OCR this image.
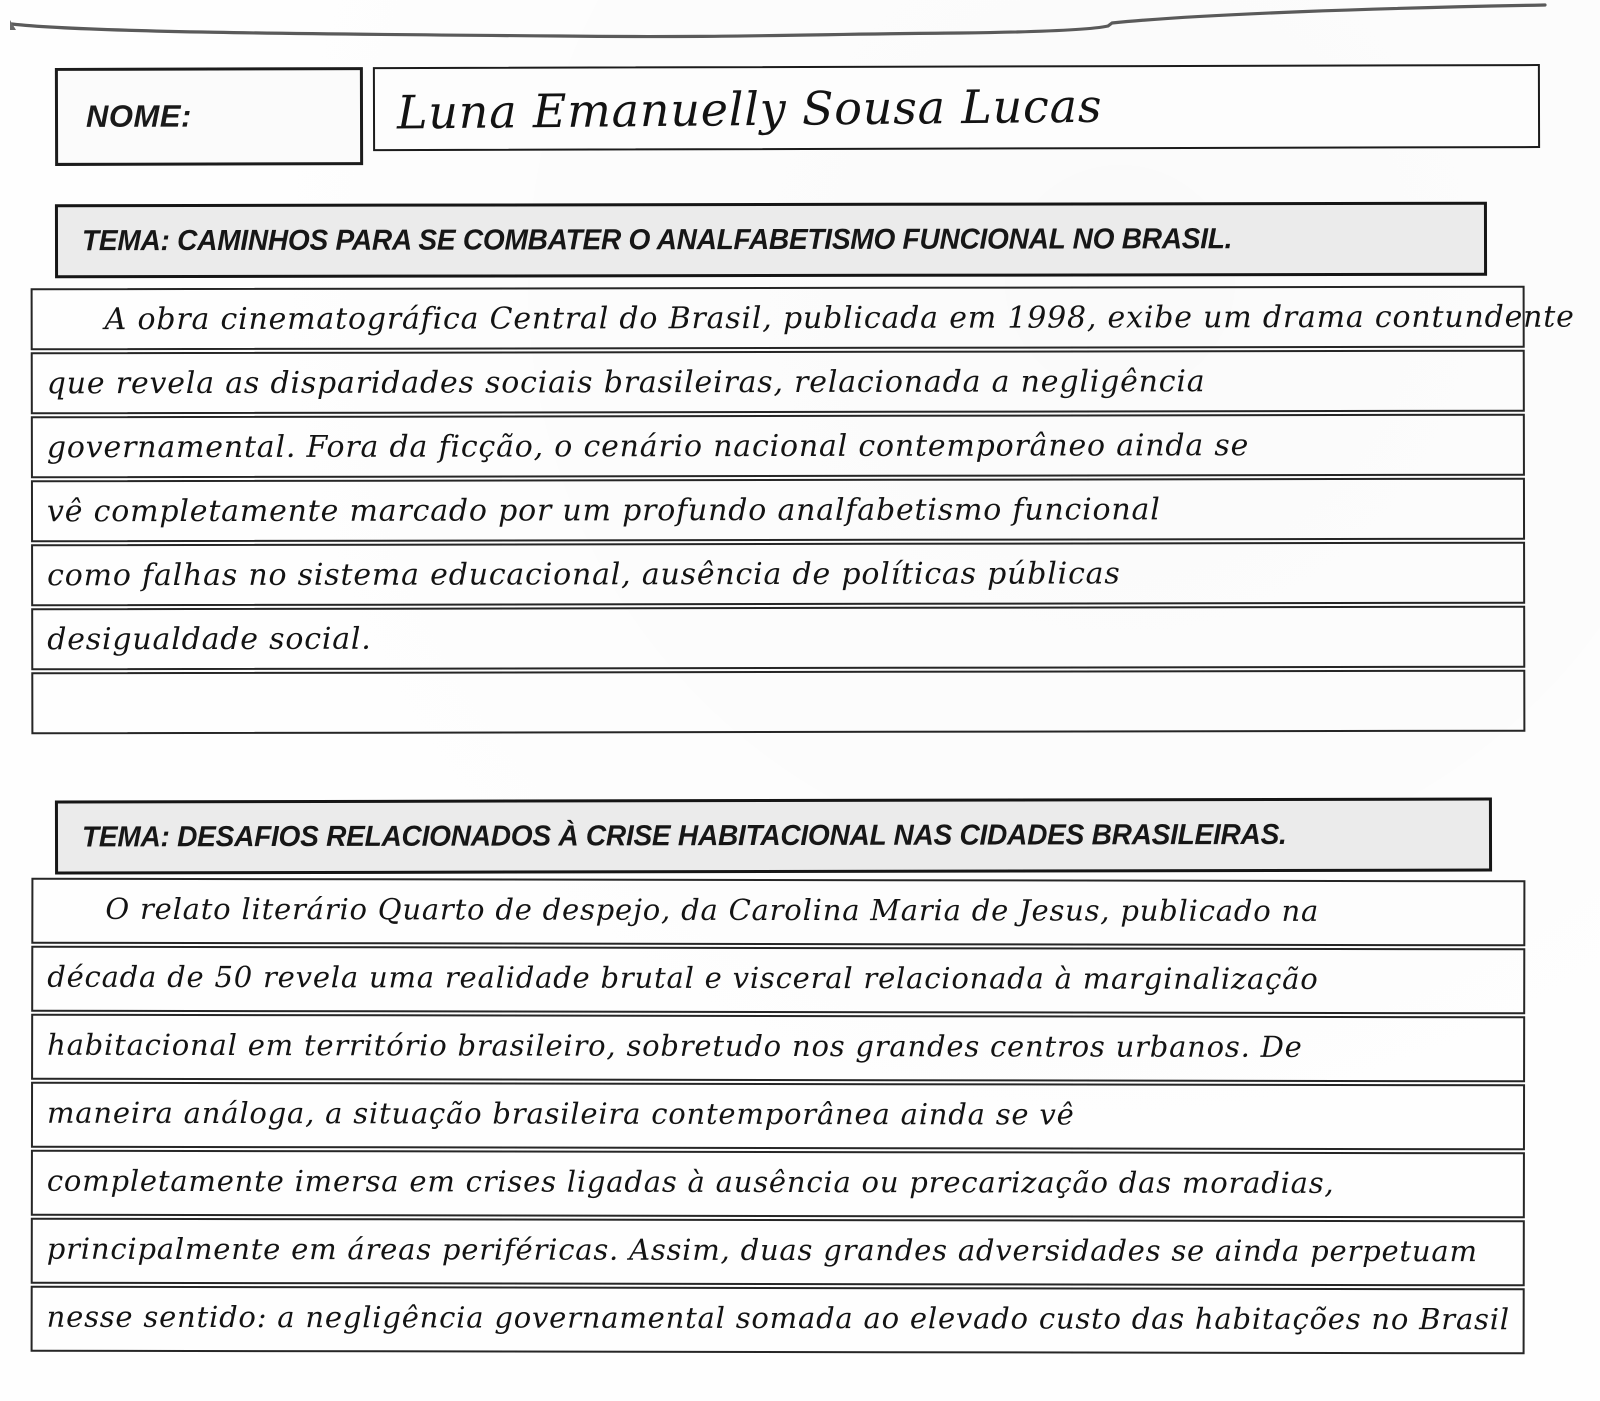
NOME:	Luna Emanuelly Sousa Lucas
TEMA: CAMINHOS PARA SE COMBATER O ANALFABETISMO FUNCIONAL NO BRASIL.
A obra cinematográfica Central do Brasil, publicada em 1998, exibe um drama contundente
que revela as disparidades sociais brasileiras, relacionada a negligência
governamental. Fora da ficção, o cenário nacional contemporâneo ainda se
vê completamente marcado por um profundo analfabetismo funcional
como falhas no sistema educacional, ausência de políticas públicas
desigualdade social.
TEMA: DESAFIOS RELACIONADOS À CRISE HABITACIONAL NAS CIDADES BRASILEIRAS.
O relato literário Quarto de despejo, da Carolina Maria de Jesus, publicado na
década de 50 revela uma realidade brutal e visceral relacionada à marginalização
habitacional em território brasileiro, sobretudo nos grandes centros urbanos. De
maneira análoga, a situação brasileira contemporânea ainda se vê
completamente imersa em crises ligadas à ausência ou precarização das moradias,
principalmente em áreas periféricas. Assim, duas grandes adversidades se ainda perpetuam
nesse sentido: a negligência governamental somada ao elevado custo das habitações no Brasil
